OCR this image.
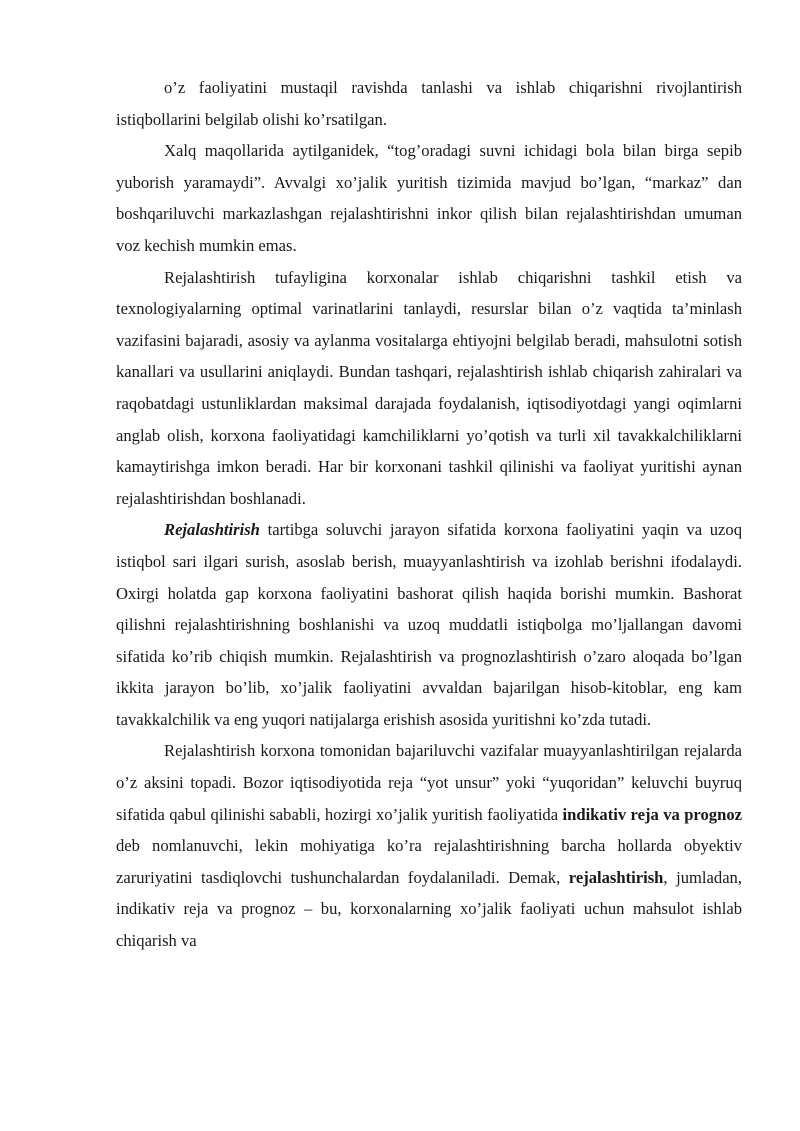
o’z faoliyatini mustaqil ravishda tanlashi va ishlab chiqarishni rivojlantirish istiqbollarini belgilab olishi ko’rsatilgan.

Xalq maqollarida aytilganidek, “tog’oradagi suvni ichidagi bola bilan birga sepib yuborish yaramaydi”. Avvalgi xo’jalik yuritish tizimida mavjud bo’lgan, “markaz” dan boshqariluvchi markazlashgan rejalashtirishni inkor qilish bilan rejalashtirishdan umuman voz kechish mumkin emas.

Rejalashtirish tufayligina korxonalar ishlab chiqarishni tashkil etish va texnologiyalarning optimal varinatlarini tanlaydi, resurslar bilan o’z vaqtida ta’minlash vazifasini bajaradi, asosiy va aylanma vositalarga ehtiyojni belgilab beradi, mahsulotni sotish kanallari va usullarini aniqlaydi. Bundan tashqari, rejalashtirish ishlab chiqarish zahiralari va raqobatdagi ustunliklardan maksimal darajada foydalanish, iqtisodiyotdagi yangi oqimlarni anglab olish, korxona faoliyatidagi kamchiliklarni yo’qotish va turli xil tavakkalchiliklarni kamaytirishga imkon beradi. Har bir korxonani tashkil qilinishi va faoliyat yuritishi aynan rejalashtirishdan boshlanadi.

Rejalashtirish tartibga soluvchi jarayon sifatida korxona faoliyatini yaqin va uzoq istiqbol sari ilgari surish, asoslab berish, muayyanlashtirish va izohlab berishni ifodalaydi. Oxirgi holatda gap korxona faoliyatini bashorat qilish haqida borishi mumkin. Bashorat qilishni rejalashtirishning boshlanishi va uzoq muddatli istiqbolga mo’ljallangan davomi sifatida ko’rib chiqish mumkin. Rejalashtirish va prognozlashtirish o’zaro aloqada bo’lgan ikkita jarayon bo’lib, xo’jalik faoliyatini avvaldan bajarilgan hisob-kitoblar, eng kam tavakkalchilik va eng yuqori natijalarga erishish asosida yuritishni ko’zda tutadi.

Rejalashtirish korxona tomonidan bajariluvchi vazifalar muayyanlashtirilgan rejalarda o’z aksini topadi. Bozor iqtisodiyotida reja “yot unsur” yoki “yuqoridan” keluvchi buyruq sifatida qabul qilinishi sababli, hozirgi xo’jalik yuritish faoliyatida indikativ reja va prognoz deb nomlanuvchi, lekin mohiyatiga ko’ra rejalashtirishning barcha hollarda obyektiv zaruriyatini tasdiqlovchi tushunchalardan foydalaniladi. Demak, rejalashtirish, jumladan, indikativ reja va prognoz – bu, korxonalarning xo’jalik faoliyati uchun mahsulot ishlab chiqarish va
